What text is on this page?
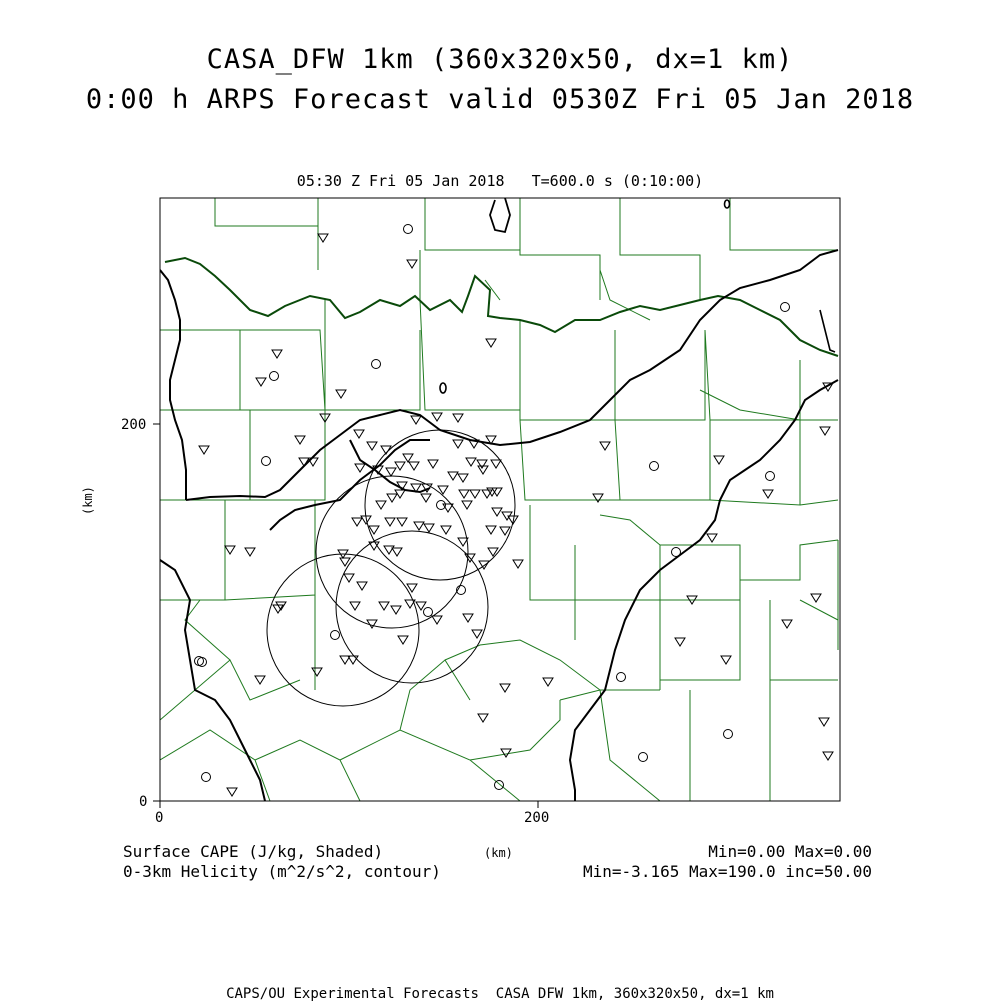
CASA_DFW 1km (360x320x50, dx=1 km)
0:00 h ARPS Forecast valid 0530Z Fri 05 Jan 2018
05:30 Z Fri 05 Jan 2018   T=600.0 s (0:10:00)
0	200
0
200
(km)
(km)
Surface CAPE (J/kg, Shaded)
0-3km Helicity (m^2/s^2, contour)
Min=0.00 Max=0.00
Min=-3.165 Max=190.0 inc=50.00
CAPS/OU Experimental Forecasts  CASA DFW 1km, 360x320x50, dx=1 km
